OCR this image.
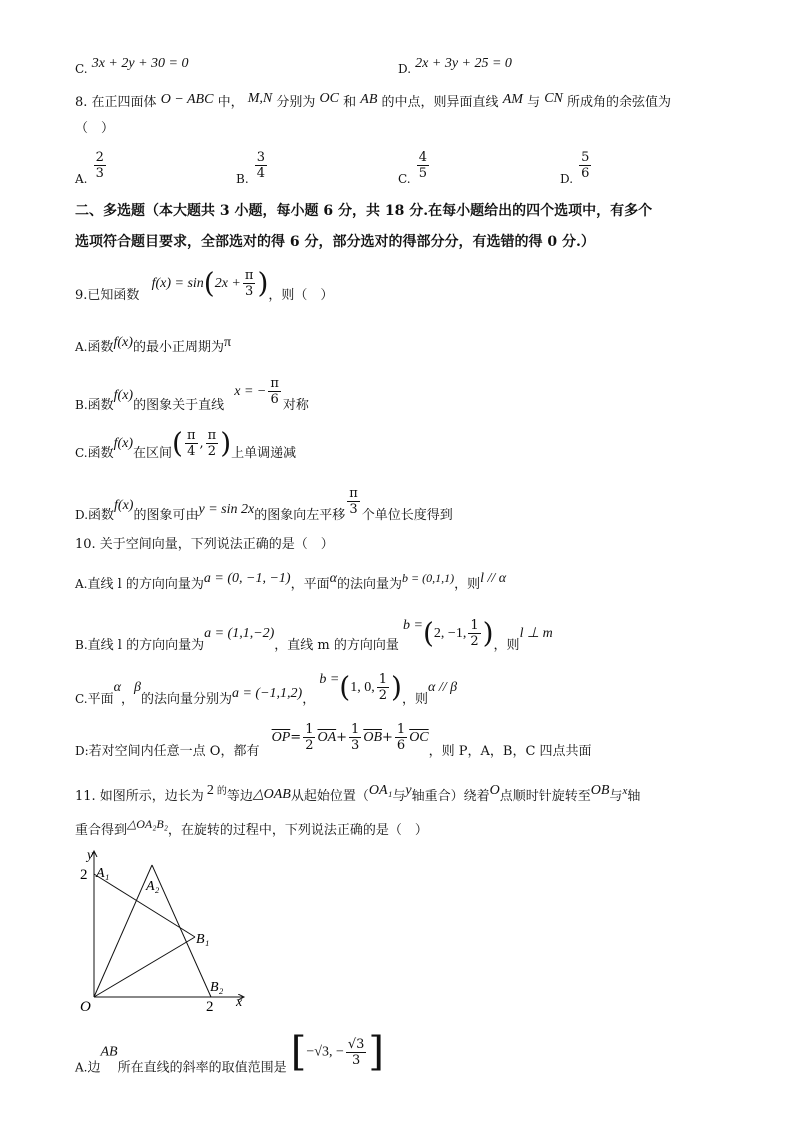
C. 3x + 2y + 30 = 0	D. 2x + 3y + 25 = 0
8. 在正四面体 O − ABC 中， M,N 分别为 OC 和 AB 的中点，则异面直线 AM 与 CN 所成角的余弦值为
（　）
A. $\frac{2}{3}$	B. $\frac{3}{4}$	C. $\frac{4}{5}$	D. $\frac{5}{6}$
二、多选题（本大题共 3 小题，每小题 6 分，共 18 分.在每小题给出的四个选项中，有多个
选项符合题目要求，全部选对的得 6 分，部分选对的得部分分，有选错的得 0 分.）
9.已知函数 $f(x) = \sin(2x + \frac{\pi}{3}$ )，则（　）
A.函数f(x)的最小正周期为π
B.函数f(x)的图象关于直线 x = − $\frac{\pi}{6}$ 对称
C.函数f(x)在区间( $\frac{\pi}{4}$ , $\frac{\pi}{2}$ )上单调递减
D.函数f(x)的图象可由y = sin 2x的图象向左平移 $\frac{\pi}{3}$ 个单位长度得到
10. 关于空间向量，下列说法正确的是（　）
A.直线 l 的方向向量为a = (0, −1, −1)，平面α的法向量为b = (0,1,1)，则l // α
B.直线 l 的方向向量为a = (1,1,−2)，直线 m 的方向向量 b =(2, −1, $\frac{1}{2}$ )，则l ⊥ m
C.平面α，β的法向量分别为a = (−1,1,2)， b =(1, 0, $\frac{1}{2}$ )，则α // β
D:若对空间内任意一点 O，都有 $\overline{OP}= \frac{1}{2} \overline{OA}+ \frac{1}{3} \overline{OB}+ \frac{1}{6} \overline{OC}$，则 P，A，B，C 四点共面
11. 如图所示，边长为 2 的等边△OAB从起始位置（OA₁与y轴重合）绕着O点顺时针旋转至OB与x轴
重合得到△OA₂B₂，在旋转的过程中，下列说法正确的是（　）
y
x
O
2
2
A₁
A₂
B₁
B₂
A.边AB所在直线的斜率的取值范围是 [−√3, − $\frac{√3}{3}$ ]
